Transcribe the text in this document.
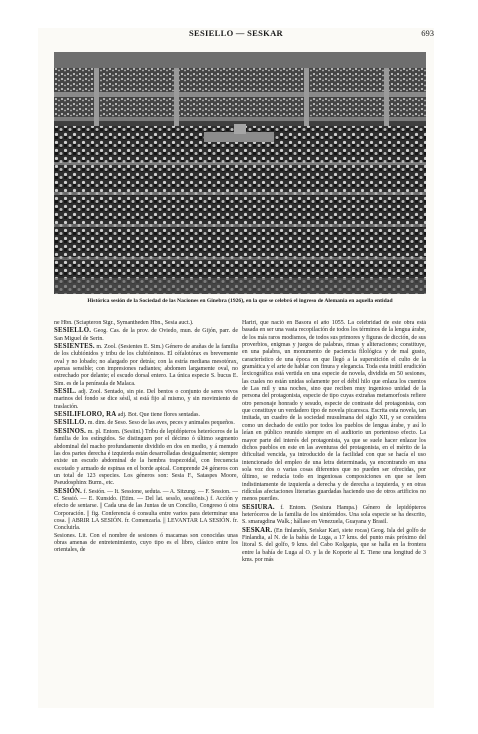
SESIELLO — SESKAR	693
Histórica sesión de la Sociedad de las Naciones en Ginebra (1926), en la que se celebró el ingreso de Alemania en aquella entidad

ne Hbn. (Sciapteron Stgr., Symantheden Hbn., Sesia auct.).

SESIELLO. Geog. Cas. de la prov. de Oviedo, mun. de Gijón, parr. de San Miguel de Serin.

SESIENTES. m. Zool. (Sesientes E. Sim.) Género de arañas de la familia de los clubiónidos y tribu de los clubióninos. El céfalotórax es brevemente oval y no lobado; no alargado por detrás; con la estría mediana mesotórax, apenas sensible; con impresiones radiantes; abdomen largamente oval, no estrechado por delante; el escudo dorsal entero. La única especie S. bucus E. Sim. es de la península de Malaca.

SESIL. adj. Zool. Sentado, sin pie. Del bentos o conjunto de seres vivos marinos del fondo se dice sésil, si está fijo al mismo, y sin movimiento de traslación.

SESILIFLORO, RA adj. Bot. Que tiene flores sentadas.

SESILLO. m. dim. de Seso. Seso de las aves, peces y animales pequeños.

SESINOS. m. pl. Entom. (Sesiini.) Tribu de lepidópteros heteróceros de la familia de los estíngidos. Se distinguen por el décimo ó último segmento abdominal del macho profundamente dividido en dos en medio, y á menudo las dos partes derecha é izquierda están desarrolladas desigualmente; siempre existe un escudo abdominal de la hembra trapezoidal, con frecuencia escotado y armado de espinas en el borde apical. Comprende 24 géneros con un total de 123 especies. Los géneros son: Sesia F., Sataspes Moore, Pseudosphinx Burm., etc.

SESIÓN. f. Sesión. — It. Sessione, seduta. — A. Sitzung. — F. Session. — C. Sessió. — E. Kunsido. (Etim. — Del lat. sessĭo, sessiōnis.) f. Acción y efecto de sentarse. || Cada una de las Juntas de un Concilio, Congreso ú otra Corporación. || fig. Conferencia ó consulta entre varios para determinar una cosa. || ABRIR LA SESIÓN. fr. Comenzarla. || LEVANTAR LA SESIÓN. fr. Concluirla.

Sesiones. Lit. Con el nombre de sesiones ó macamas son conocidas unas obras amenas de entretenimiento, cuyo tipo es el libro, clásico entre los orientales, de

Hariri, que nació en Basora el año 1055. La celebridad de este obra está basada en ser una vasta recopilación de todos los términos de la lengua árabe, de los más raros modismos, de todos sus primores y figuras de dicción, de sus proverbios, enigmas y juegos de palabras, rimas y aliteraciones; constituye, en una palabra, un monumento de paciencia filológica y de mal gusto, característico de una época en que llegó a la superstición el culto de la gramática y el arte de hablar con finura y elegancia. Toda esta inútil erudición lexicográfica está vertida en una especie de novela, dividida en 50 sesiones, las cuales no están unidas solamente por el débil hilo que enlaza los cuentos de Las mil y una noches, sino que reciben muy ingenioso unidad de la persona del protagonista, especie de tipo cuyas extrañas metamorfosis refiere otro personaje honrado y sesudo, especie de contraste del protagonista, con que constituye un verdadero tipo de novela picaresca. Escrita esta novela, tan imitada, un cuadro de la sociedad musulmana del siglo XII, y se considera como un dechado de estilo por todos los pueblos de lengua árabe, y así lo leían en público reunido siempre en el auditorio un portentoso efecto. La mayor parte del interés del protagonista, ya que se suele hacer enlazar los dichos pueblos en este en las aventuras del protagonista, en el mérito de la dificultad vencida, ya introducido de la facilidad con que se hacía el uso intencionado del empleo de una letra determinada, ya encontrando en una sola voz dos o varias cosas diferentes que no pueden ser ofrecidas, por último, se reducía todo en ingeniosas composiciones en que se leen indistintamente de izquierda a derecha y de derecha a izquierda, y en otras ridículas afectaciones literarias guardadas haciendo uso de otros artificios no menos pueriles.

SESIURA. f. Entom. (Sesiura Hampa.) Género de lepidópteros heteróceros de la familia de los sintómidos. Una sola especie se ha descrito, S. smaragdina Walk.; hállase en Venezuela, Guayana y Brasil.

SESKAR. (En finlandés, Seiskar Kari, siete rocas) Geog. Isla del golfo de Finlandia, al N. de la bahía de Luga, a 17 kms. del punto más próximo del litoral S. del golfo, 9 kms. del Cabo Kolgapia, que se halla en la frontera entre la bahía de Luga al O. y la de Koporie al E. Tiene una longitud de 3 kms. por más
